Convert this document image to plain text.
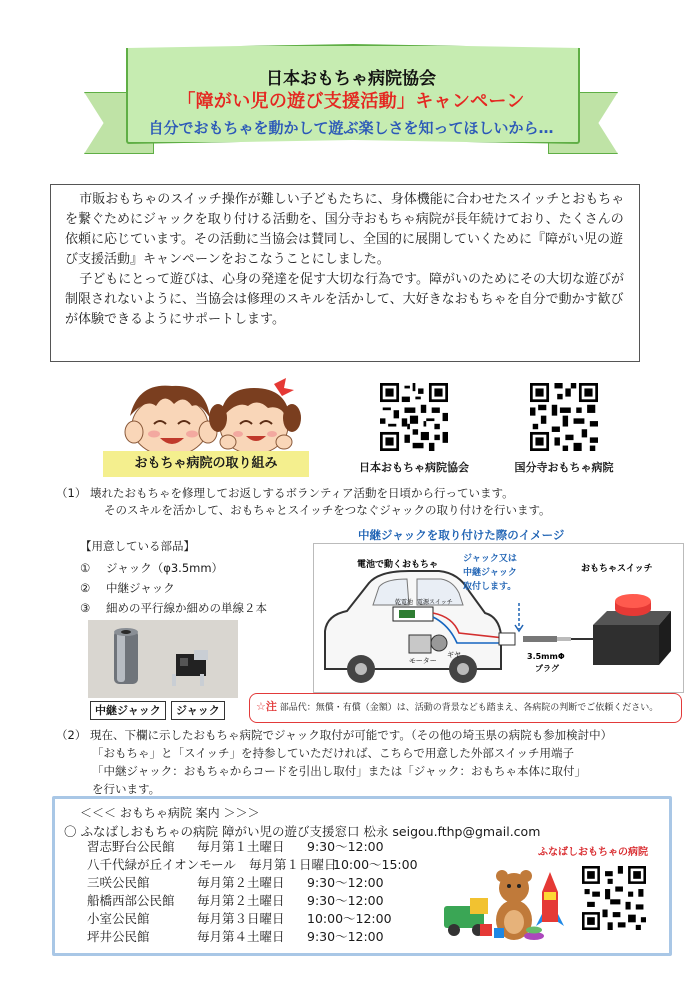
日本おもちゃ病院協会
「障がい児の遊び支援活動」キャンペーン
自分でおもちゃを動かして遊ぶ楽しさを知ってほしいから…

市販おもちゃのスイッチ操作が難しい子どもたちに、身体機能に合わせたスイッチとおもちゃを繋ぐためにジャックを取り付ける活動を、国分寺おもちゃ病院が長年続けており、たくさんの依頼に応じています。その活動に当協会は賛同し、全国的に展開していくために『障がい児の遊び支援活動』キャンペーンをおこなうことにしました。

子どもにとって遊びは、心身の発達を促す大切な行為です。障がいのためにその大切な遊びが制限されないように、当協会は修理のスキルを活かして、大好きなおもちゃを自分で動かす歓びが体験できるようにサポートします。

おもちゃ病院の取り組み	日本おもちゃ病院協会	国分寺おもちゃ病院
（1） 壊れたおもちゃを修理してお返しするボランティア活動を日頃から行っています。
そのスキルを活かして、おもちゃとスイッチをつなぐジャックの取り付けを行います。
【用意している部品】
① ジャック（φ3.5mm）
② 中継ジャック
③ 細めの平行線か細めの単線２本
中継ジャック	ジャック
中継ジャックを取り付けた際のイメージ
電池で動くおもちゃ
ジャック又は
中継ジャック
取付します。
おもちゃスイッチ
乾電池 電源スイッチ
モーター
ギヤ	3.5mmΦ
プラグ
☆注 部品代：無償・有償（金額）は、活動の背景なども踏まえ、各病院の判断でご依頼ください。
（2） 現在、下欄に示したおもちゃ病院でジャック取付が可能です。（その他の埼玉県の病院も参加検討中）
「おもちゃ」と「スイッチ」を持参していただければ、こちらで用意した外部スイッチ用端子
「中継ジャック：おもちゃからコードを引出し取付」または「ジャック：おもちゃ本体に取付」
を行います。
＜＜＜ おもちゃ病院 案内 ＞＞＞
〇 ふなばしおもちゃの病院 障がい児の遊び支援窓口 松永 seigou.fthp@gmail.com
習志野台公民館 毎月第１土曜日 9:30～12:00
八千代緑が丘イオンモール 毎月第１日曜日10:00～15:00
三咲公民館	毎月第２土曜日 9:30～12:00
船橋西部公民館 毎月第２土曜日 9:30～12:00
小室公民館	毎月第３日曜日 10:00～12:00
坪井公民館	毎月第４土曜日 9:30～12:00
ふなばしおもちゃの病院
